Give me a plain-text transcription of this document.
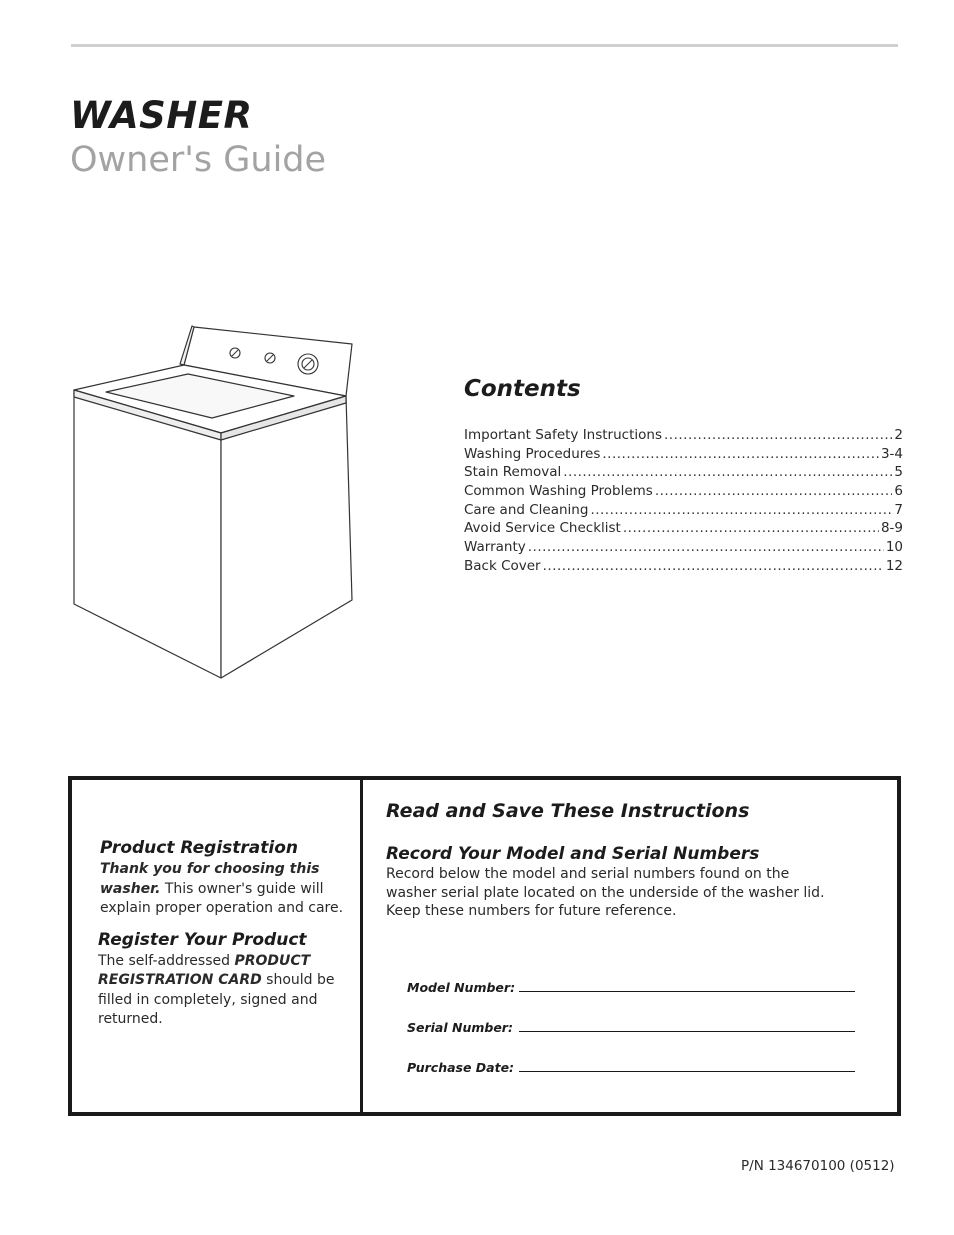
WASHER
Owner's Guide
Contents
Important Safety Instructions .....	2
Washing Procedures .....	3-4
Stain Removal .....	5
Common Washing Problems .....	6
Care and Cleaning .....	7
Avoid Service Checklist .....	8-9
Warranty .....	10
Back Cover .....	12
Product Registration

Thank you for choosing this washer. This owner's guide will explain proper operation and care.

Register Your Product

The self-addressed PRODUCT REGISTRATION CARD should be filled in completely, signed and returned.

Read and Save These Instructions
Record Your Model and Serial Numbers

Record below the model and serial numbers found on the washer serial plate located on the underside of the washer lid. Keep these numbers for future reference.

Model Number:
Serial Number:
Purchase Date:
P/N 134670100 (0512)
